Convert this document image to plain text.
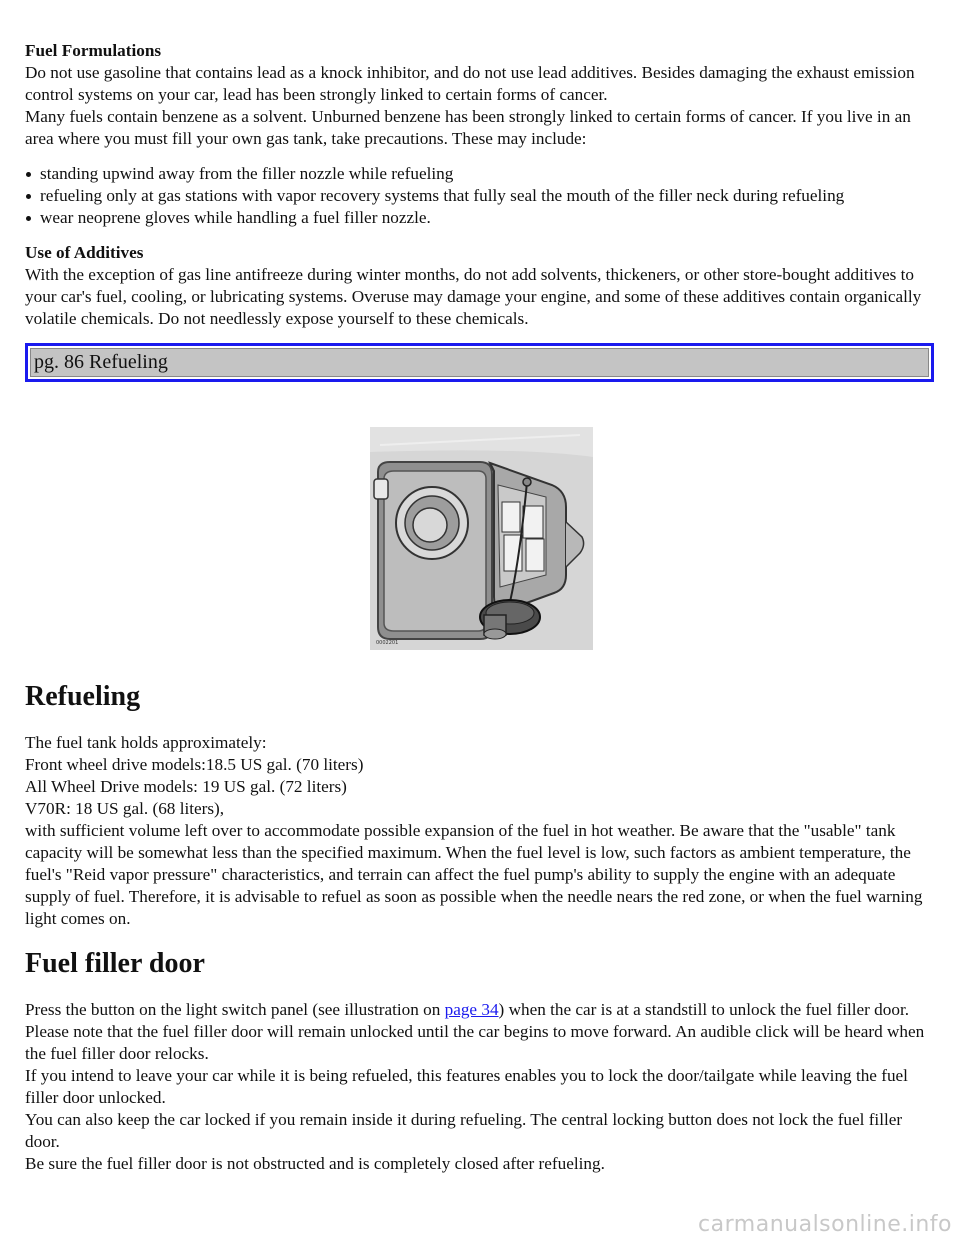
Fuel Formulations

Do not use gasoline that contains lead as a knock inhibitor, and do not use lead additives. Besides damaging the exhaust emission control systems on your car, lead has been strongly linked to certain forms of cancer.

Many fuels contain benzene as a solvent. Unburned benzene has been strongly linked to certain forms of cancer. If you live in an area where you must fill your own gas tank, take precautions. These may include:

standing upwind away from the filler nozzle while refueling
refueling only at gas stations with vapor recovery systems that fully seal the mouth of the filler neck during refueling
wear neoprene gloves while handling a fuel filler nozzle.
Use of Additives

With the exception of gas line antifreeze during winter months, do not add solvents, thickeners, or other store-bought additives to your car's fuel, cooling, or lubricating systems. Overuse may damage your engine, and some of these additives contain organically volatile chemicals. Do not needlessly expose yourself to these chemicals.

pg. 86 Refueling
0002201
Refueling

The fuel tank holds approximately:

Front wheel drive models:18.5 US gal. (70 liters)

All Wheel Drive models: 19 US gal. (72 liters)

V70R: 18 US gal. (68 liters),

with sufficient volume left over to accommodate possible expansion of the fuel in hot weather. Be aware that the "usable" tank capacity will be somewhat less than the specified maximum. When the fuel level is low, such factors as ambient temperature, the fuel's "Reid vapor pressure" characteristics, and terrain can affect the fuel pump's ability to supply the engine with an adequate supply of fuel. Therefore, it is advisable to refuel as soon as possible when the needle nears the red zone, or when the fuel warning light comes on.

Fuel filler door

Press the button on the light switch panel (see illustration on page 34) when the car is at a standstill to unlock the fuel filler door. Please note that the fuel filler door will remain unlocked until the car begins to move forward. An audible click will be heard when the fuel filler door relocks.

If you intend to leave your car while it is being refueled, this features enables you to lock the door/tailgate while leaving the fuel filler door unlocked.

You can also keep the car locked if you remain inside it during refueling. The central locking button does not lock the fuel filler door.

Be sure the fuel filler door is not obstructed and is completely closed after refueling.

carmanualsonline.info
